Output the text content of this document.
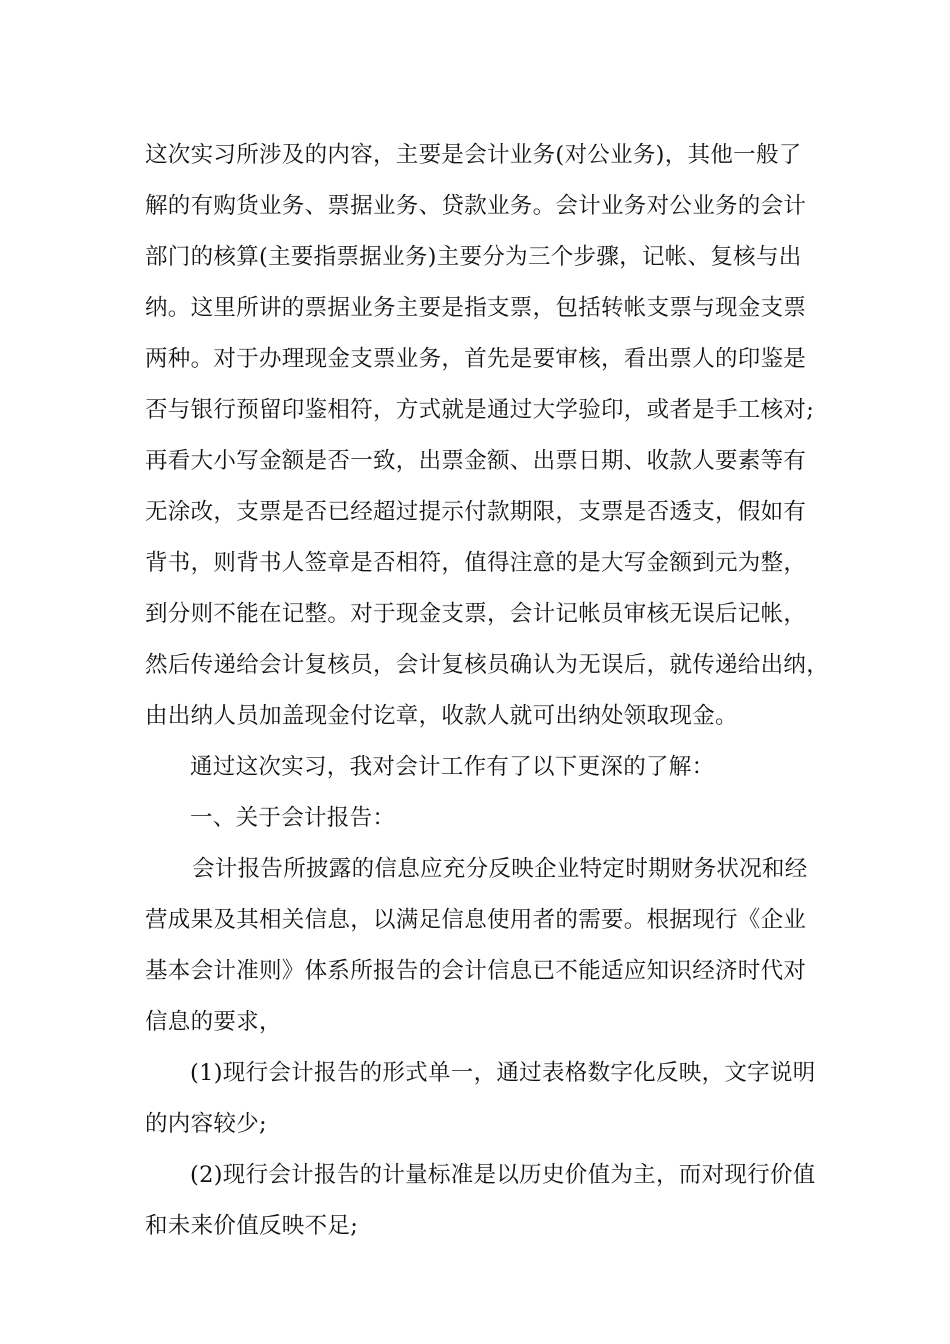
这次实习所涉及的内容，主要是会计业务(对公业务)，其他一般了
解的有购货业务、票据业务、贷款业务。会计业务对公业务的会计
部门的核算(主要指票据业务)主要分为三个步骤，记帐、复核与出
纳。这里所讲的票据业务主要是指支票，包括转帐支票与现金支票
两种。对于办理现金支票业务，首先是要审核，看出票人的印鉴是
否与银行预留印鉴相符，方式就是通过大学验印，或者是手工核对;
再看大小写金额是否一致，出票金额、出票日期、收款人要素等有
无涂改，支票是否已经超过提示付款期限，支票是否透支，假如有
背书，则背书人签章是否相符，值得注意的是大写金额到元为整，
到分则不能在记整。对于现金支票，会计记帐员审核无误后记帐，
然后传递给会计复核员，会计复核员确认为无误后，就传递给出纳，
由出纳人员加盖现金付讫章，收款人就可出纳处领取现金。
通过这次实习，我对会计工作有了以下更深的了解：
一、关于会计报告：
会计报告所披露的信息应充分反映企业特定时期财务状况和经
营成果及其相关信息，以满足信息使用者的需要。根据现行《企业
基本会计准则》体系所报告的会计信息已不能适应知识经济时代对
信息的要求，
(1)现行会计报告的形式单一，通过表格数字化反映，文字说明
的内容较少;
(2)现行会计报告的计量标准是以历史价值为主，而对现行价值
和未来价值反映不足;
